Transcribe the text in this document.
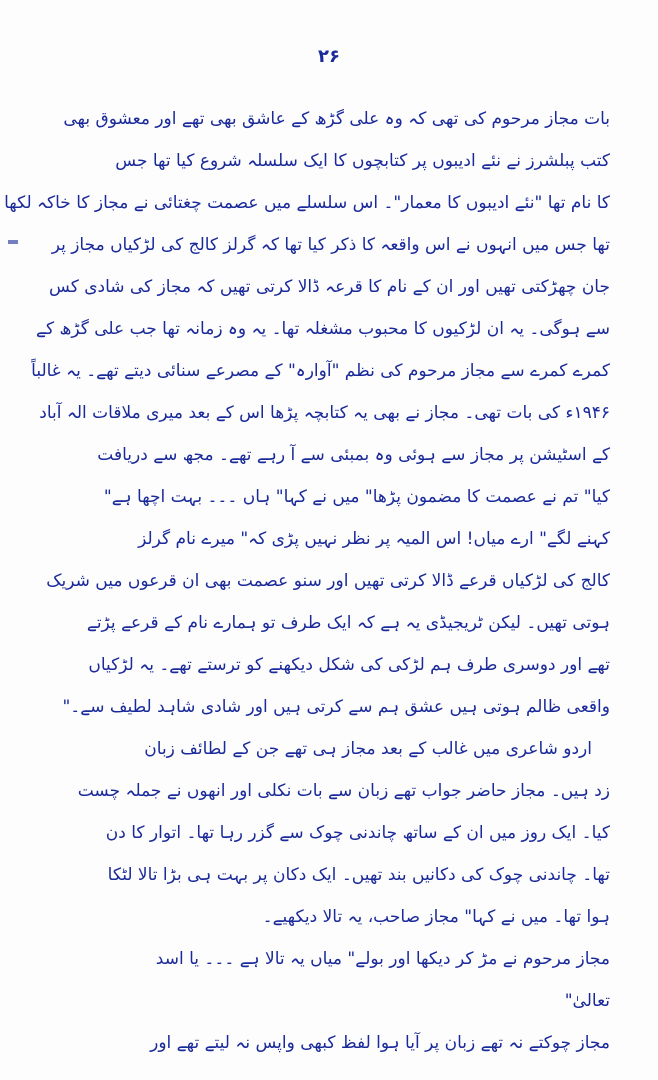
۲۶
بات مجاز مرحوم کی تھی کہ وہ علی گڑھ کے عاشق بھی تھے اور معشوق بھی
کتب پبلشرز نے نئے ادیبوں پر کتابچوں کا ایک سلسلہ شروع کیا تھا جس
کا نام تھا "نئے ادیبوں کا معمار"۔ اس سلسلے میں عصمت چغتائی نے مجاز کا خاکہ لکھا
تھا جس میں انہوں نے اس واقعہ کا ذکر کیا تھا کہ گرلز کالج کی لڑکیاں مجاز پر
جان چھڑکتی تھیں اور ان کے نام کا قرعہ ڈالا کرتی تھیں کہ مجاز کی شادی کس
سے ہوگی۔ یہ ان لڑکیوں کا محبوب مشغلہ تھا۔ یہ وہ زمانہ تھا جب علی گڑھ کے
کمرے کمرے سے مجاز مرحوم کی نظم "آوارہ" کے مصرعے سنائی دیتے تھے۔ یہ غالباً
۱۹۴۶ء کی بات تھی۔ مجاز نے بھی یہ کتابچہ پڑھا اس کے بعد میری ملاقات الہ آباد
کے اسٹیشن پر مجاز سے ہوئی وہ بمبئی سے آ رہے تھے۔ مجھ سے دریافت
کیا" تم نے عصمت کا مضمون پڑھا" میں نے کہا" ہاں ۔۔۔ بہت اچھا ہے"
کہنے لگے" ارے میاں! اس المیہ پر نظر نہیں پڑی کہ" میرے نام گرلز
کالج کی لڑکیاں قرعے ڈالا کرتی تھیں اور سنو عصمت بھی ان قرعوں میں شریک
ہوتی تھیں۔ لیکن ٹریجیڈی یہ ہے کہ ایک طرف تو ہمارے نام کے قرعے پڑتے
تھے اور دوسری طرف ہم لڑکی کی شکل دیکھنے کو ترستے تھے۔ یہ لڑکیاں
واقعی ظالم ہوتی ہیں عشق ہم سے کرتی ہیں اور شادی شاہد لطیف سے۔"
اردو شاعری میں غالب کے بعد مجاز ہی تھے جن کے لطائف زبان
زد ہیں۔ مجاز حاضر جواب تھے زبان سے بات نکلی اور انھوں نے جملہ چست
کیا۔ ایک روز میں ان کے ساتھ چاندنی چوک سے گزر رہا تھا۔ اتوار کا دن
تھا۔ چاندنی چوک کی دکانیں بند تھیں۔ ایک دکان پر بہت ہی بڑا تالا لٹکا
ہوا تھا۔ میں نے کہا" مجاز صاحب، یہ تالا دیکھیے۔
مجاز مرحوم نے مڑ کر دیکھا اور بولے" میاں یہ تالا ہے ۔۔۔ یا اسد
تعالیٰ"
مجاز چوکتے نہ تھے زبان پر آیا ہوا لفظ کبھی واپس نہ لیتے تھے اور
